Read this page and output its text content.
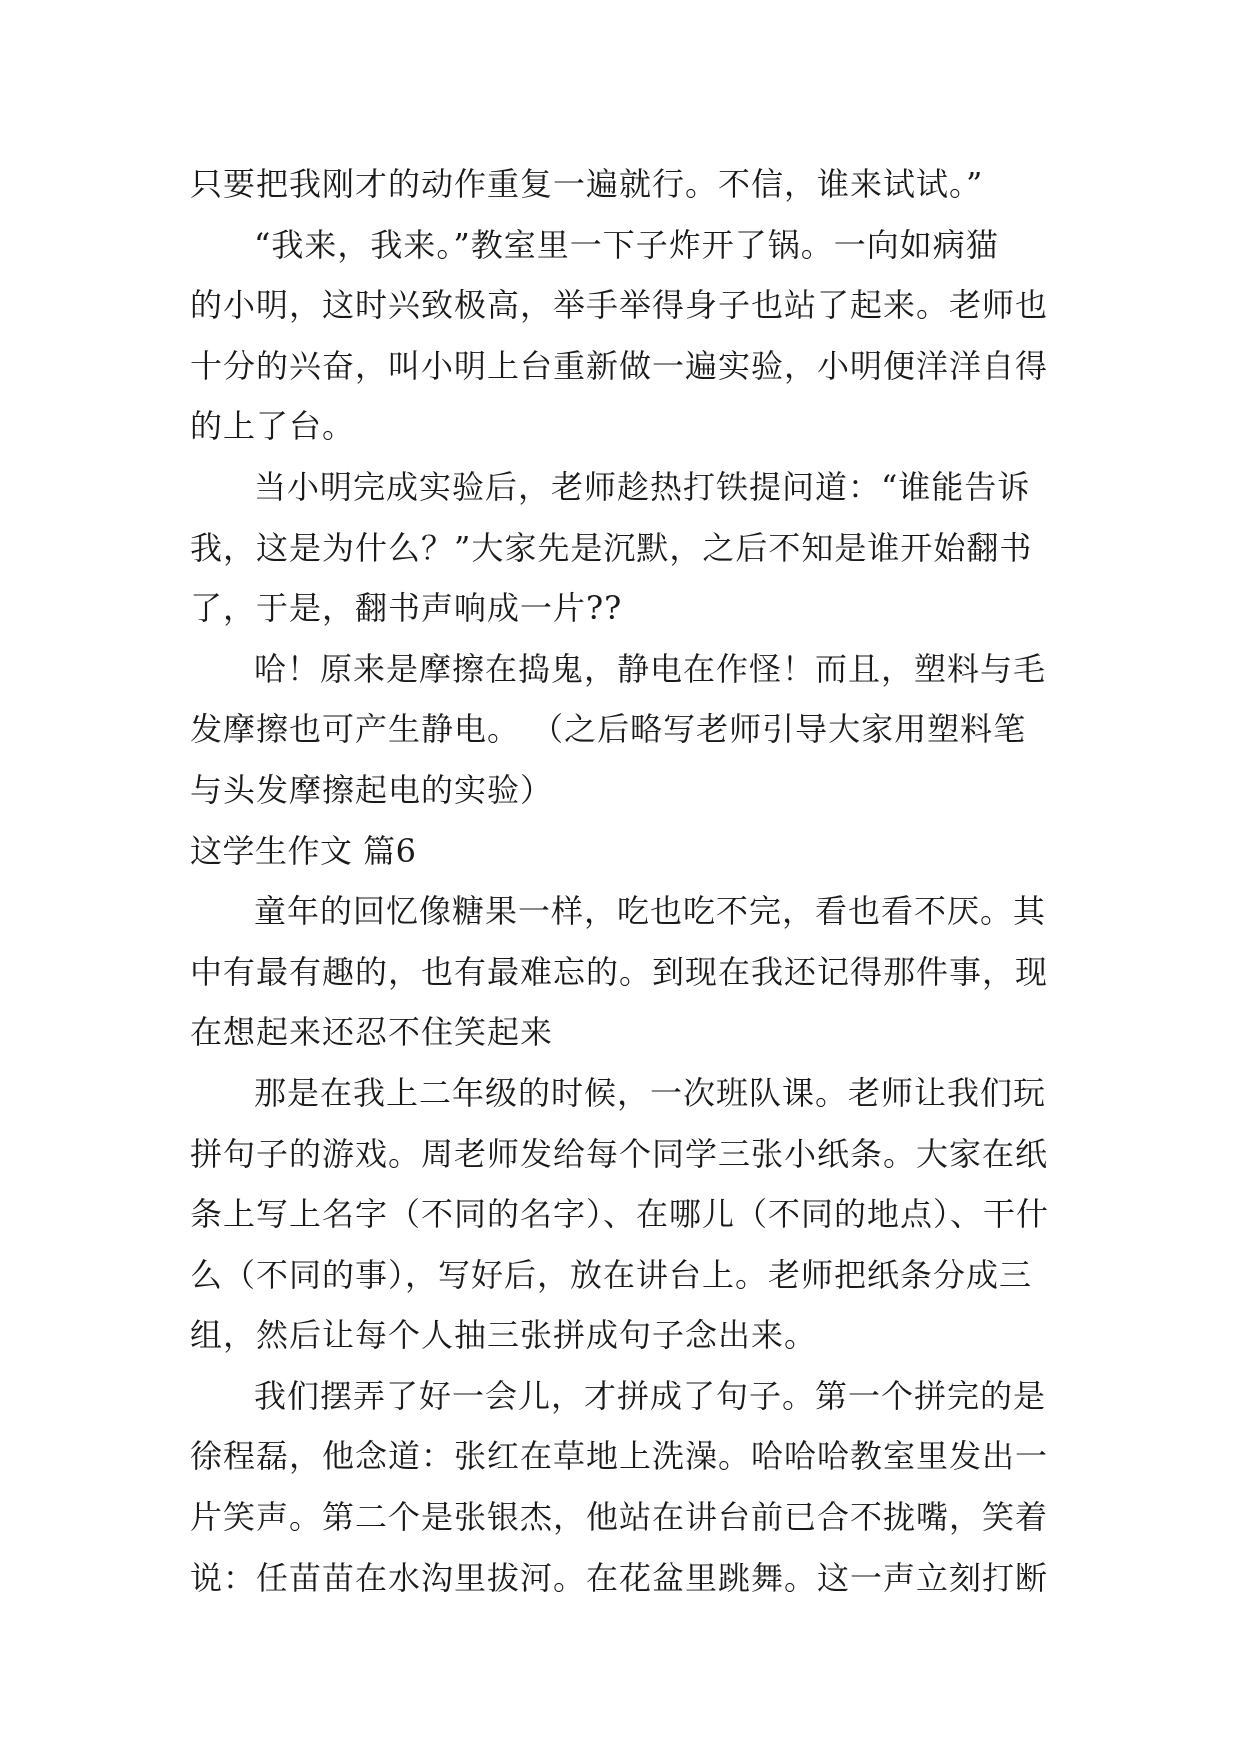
只要把我刚才的动作重复一遍就行。不信，谁来试试。”
“我来，我来。”教室里一下子炸开了锅。一向如病猫
的小明，这时兴致极高，举手举得身子也站了起来。老师也
十分的兴奋，叫小明上台重新做一遍实验，小明便洋洋自得
的上了台。
当小明完成实验后，老师趁热打铁提问道：“谁能告诉
我，这是为什么？”大家先是沉默，之后不知是谁开始翻书
了，于是，翻书声响成一片??
哈！原来是摩擦在捣鬼，静电在作怪！而且，塑料与毛
发摩擦也可产生静电。 （之后略写老师引导大家用塑料笔
与头发摩擦起电的实验）
这学生作文 篇6
童年的回忆像糖果一样，吃也吃不完，看也看不厌。其
中有最有趣的，也有最难忘的。到现在我还记得那件事，现
在想起来还忍不住笑起来
那是在我上二年级的时候，一次班队课。老师让我们玩
拼句子的游戏。周老师发给每个同学三张小纸条。大家在纸
条上写上名字（不同的名字）、在哪儿（不同的地点）、干什
么（不同的事），写好后，放在讲台上。老师把纸条分成三
组，然后让每个人抽三张拼成句子念出来。
我们摆弄了好一会儿，才拼成了句子。第一个拼完的是
徐程磊，他念道：张红在草地上洗澡。哈哈哈教室里发出一
片笑声。第二个是张银杰，他站在讲台前已合不拢嘴，笑着
说：任苗苗在水沟里拔河。在花盆里跳舞。这一声立刻打断
